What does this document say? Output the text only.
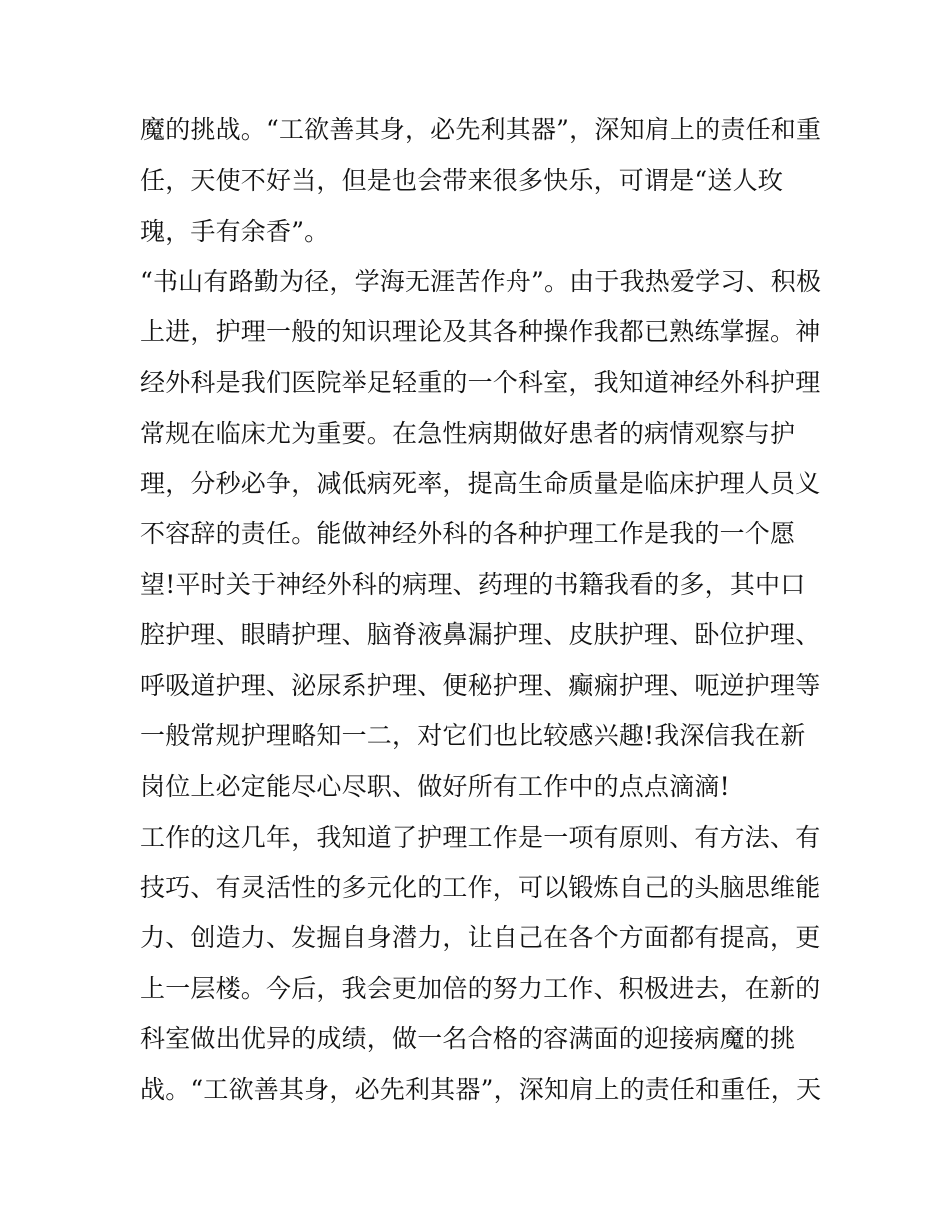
魔的挑战。“工欲善其身，必先利其器”，深知肩上的责任和重
任，天使不好当，但是也会带来很多快乐，可谓是“送人玫
瑰，手有余香”。
“书山有路勤为径，学海无涯苦作舟”。由于我热爱学习、积极
上进，护理一般的知识理论及其各种操作我都已熟练掌握。神
经外科是我们医院举足轻重的一个科室，我知道神经外科护理
常规在临床尤为重要。在急性病期做好患者的病情观察与护
理，分秒必争，减低病死率，提高生命质量是临床护理人员义
不容辞的责任。能做神经外科的各种护理工作是我的一个愿
望!平时关于神经外科的病理、药理的书籍我看的多，其中口
腔护理、眼睛护理、脑脊液鼻漏护理、皮肤护理、卧位护理、
呼吸道护理、泌尿系护理、便秘护理、癫痫护理、呃逆护理等
一般常规护理略知一二，对它们也比较感兴趣!我深信我在新
岗位上必定能尽心尽职、做好所有工作中的点点滴滴!
工作的这几年，我知道了护理工作是一项有原则、有方法、有
技巧、有灵活性的多元化的工作，可以锻炼自己的头脑思维能
力、创造力、发掘自身潜力，让自己在各个方面都有提高，更
上一层楼。今后，我会更加倍的努力工作、积极进去，在新的
科室做出优异的成绩，做一名合格的容满面的迎接病魔的挑
战。“工欲善其身，必先利其器”，深知肩上的责任和重任，天
